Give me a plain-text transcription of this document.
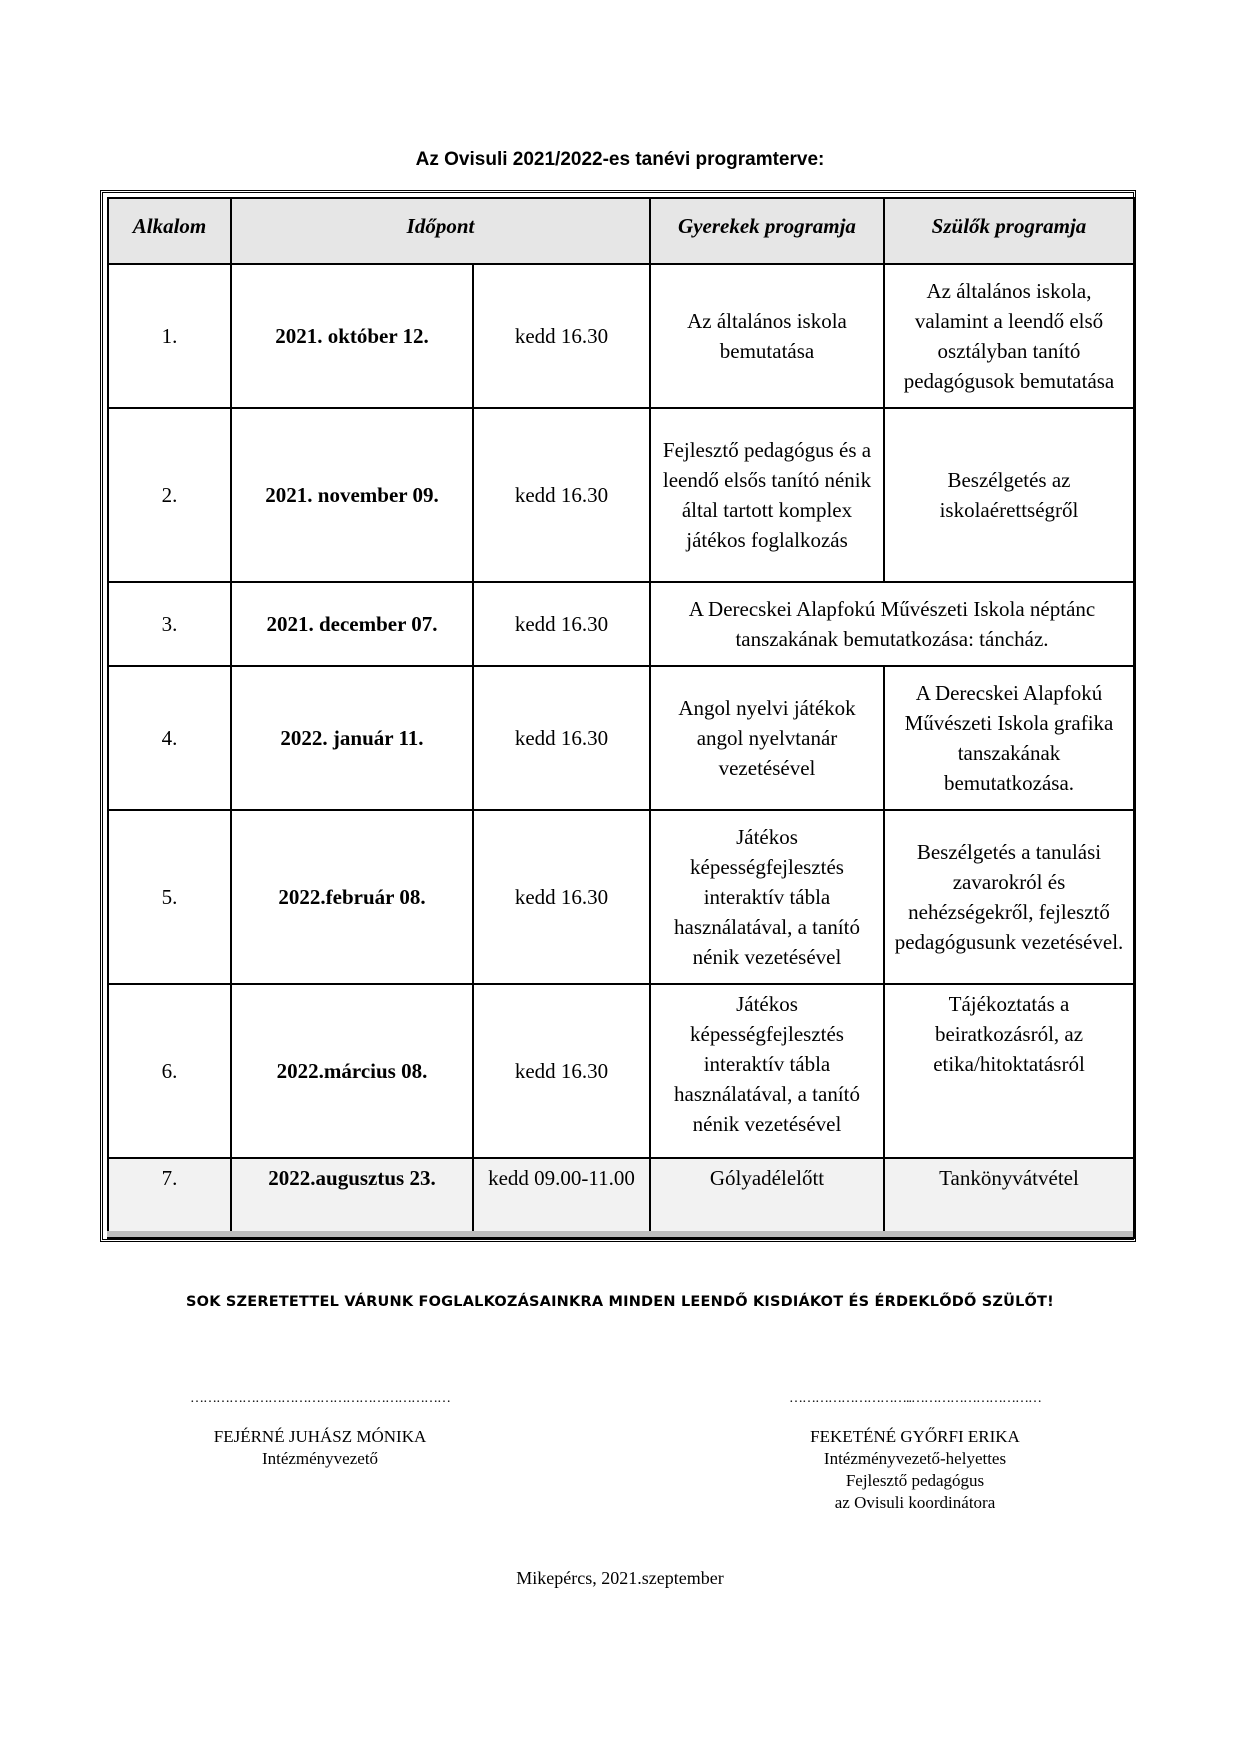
Az Ovisuli 2021/2022-es tanévi programterve:
Alkalom	Időpont		Gyerekek programja	Szülők programja
1.	2021. október 12.	kedd 16.30	Az általános iskola bemutatása	Az általános iskola, valamint a leendő első osztályban tanító pedagógusok bemutatása
2.	2021. november 09.	kedd 16.30	Fejlesztő pedagógus és a leendő elsős tanító nénik által tartott komplex játékos foglalkozás	Beszélgetés az iskolaérettségről
3.	2021. december 07.	kedd 16.30	A Derecskei Alapfokú Művészeti Iskola néptánc tanszakának bemutatkozása: táncház.	
4.	2022. január 11.	kedd 16.30	Angol nyelvi játékok angol nyelvtanár vezetésével	A Derecskei Alapfokú Művészeti Iskola grafika tanszakának bemutatkozása.
5.	2022.február 08.	kedd 16.30	Játékos képességfejlesztés interaktív tábla használatával, a tanító nénik vezetésével	Beszélgetés a tanulási zavarokról és nehézségekről, fejlesztő pedagógusunk vezetésével.
6.	2022.március 08.	kedd 16.30	Játékos képességfejlesztés interaktív tábla használatával, a tanító nénik vezetésével	Tájékoztatás a beiratkozásról, az etika/hitoktatásról
7.	2022.augusztus 23.	kedd 09.00-11.00	Gólyadélelőtt	Tankönyvátvétel
SOK SZERETETTEL VÁRUNK FOGLALKOZÁSAINKRA MINDEN LEENDŐ KISDIÁKOT ÉS ÉRDEKLŐDŐ SZÜLŐT!
……………………………………………………
FEJÉRNÉ JUHÁSZ MÓNIKA
Intézményvezető
………………………..…………………………
FEKETÉNÉ GYŐRFI ERIKA
Intézményvezető-helyettes
Fejlesztő pedagógus
az Ovisuli koordinátora
Mikepércs, 2021.szeptember
